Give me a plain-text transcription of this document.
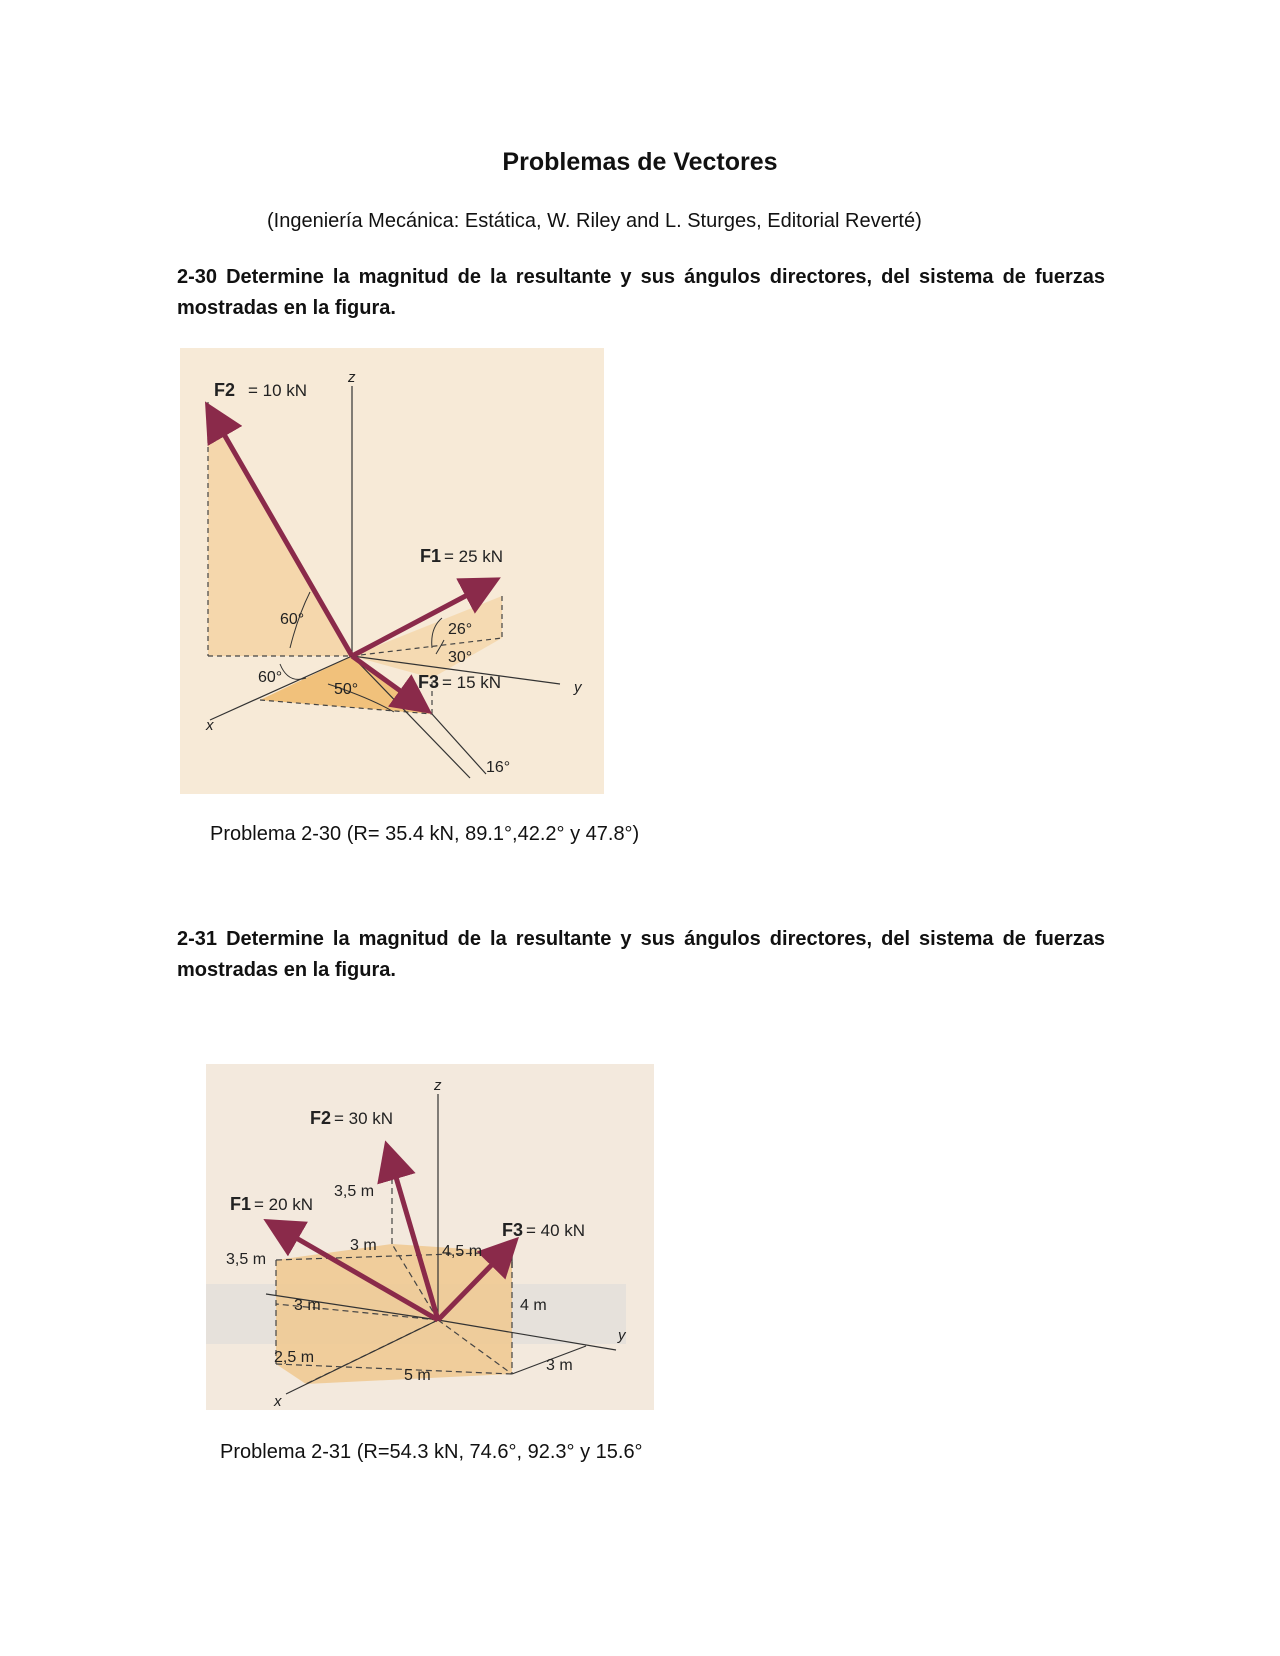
Problemas de Vectores
(Ingeniería Mecánica: Estática, W. Riley and L. Sturges, Editorial Reverté)
2-30 Determine la magnitud de la resultante y sus ángulos directores, del sistema de fuerzas mostradas en la figura.
z
y
x
F2 = 10 kN
F1 = 25 kN
F3 = 15 kN
60°
60°
50°
26°
30°
16°
Problema 2-30 (R= 35.4 kN, 89.1°,42.2° y 47.8°)
2-31 Determine la magnitud de la resultante y sus ángulos directores, del sistema de fuerzas mostradas en la figura.
z
y
x
F2 = 30 kN
F1 = 20 kN
F3 = 40 kN
3,5 m
3,5 m
3 m
3 m
4,5 m
4 m
2,5 m
5 m
3 m
Problema 2-31 (R=54.3 kN, 74.6°, 92.3° y 15.6°
